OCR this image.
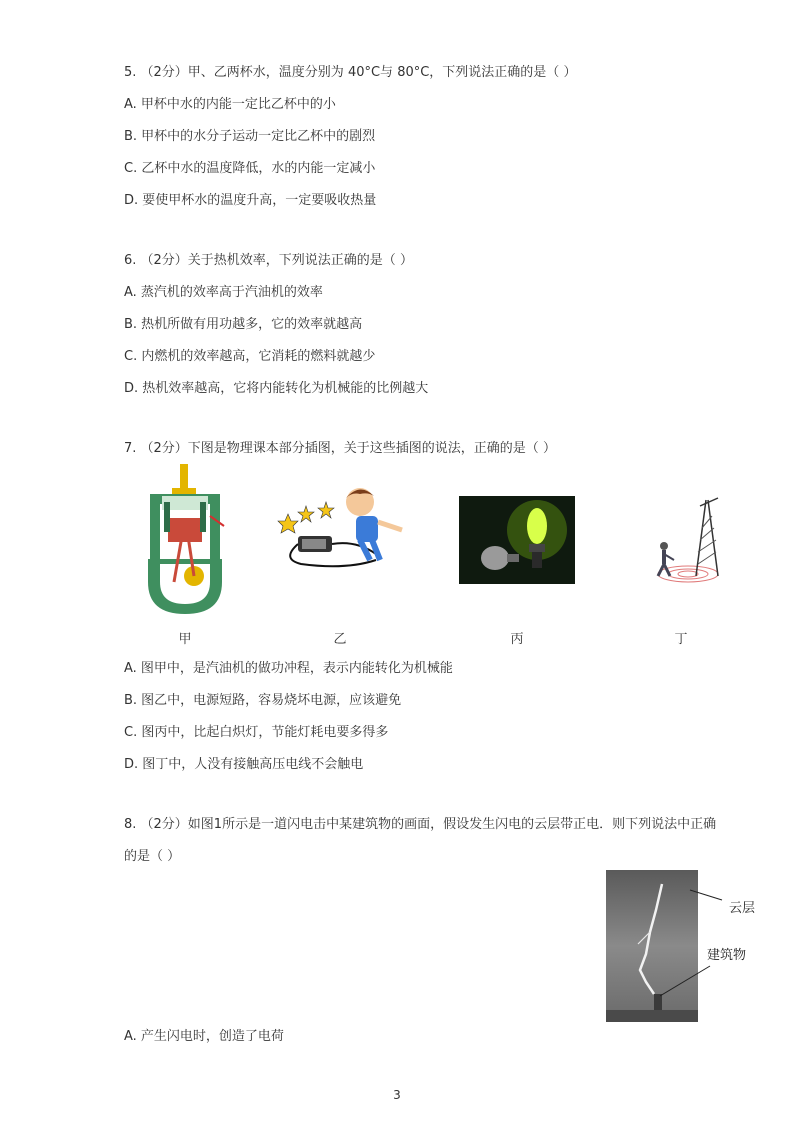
5. （2分）甲、乙两杯水，温度分别为 40°C与 80°C，下列说法正确的是（ ）
A. 甲杯中水的内能一定比乙杯中的小
B. 甲杯中的水分子运动一定比乙杯中的剧烈
C. 乙杯中水的温度降低，水的内能一定减小
D. 要使甲杯水的温度升高，一定要吸收热量
6. （2分）关于热机效率，下列说法正确的是（ ）
A. 蒸汽机的效率高于汽油机的效率
B. 热机所做有用功越多，它的效率就越高
C. 内燃机的效率越高，它消耗的燃料就越少
D. 热机效率越高，它将内能转化为机械能的比例越大
7. （2分）下图是物理课本部分插图，关于这些插图的说法，正确的是（ ）
甲	乙	丙	丁
A. 图甲中，是汽油机的做功冲程，表示内能转化为机械能
B. 图乙中，电源短路，容易烧坏电源，应该避免
C. 图丙中，比起白炽灯，节能灯耗电要多得多
D. 图丁中，人没有接触高压电线不会触电
8. （2分）如图1所示是一道闪电击中某建筑物的画面，假设发生闪电的云层带正电．则下列说法中正确
的是（ ）
云层
建筑物
A. 产生闪电时，创造了电荷
3
